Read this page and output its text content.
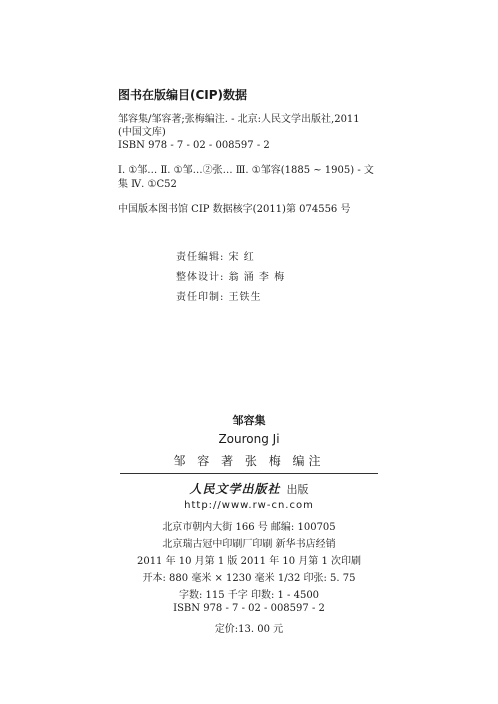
图书在版编目(CIP)数据
邹容集/邹容著;张梅编注. - 北京:人民文学出版社,2011
(中国文库)
ISBN 978 - 7 - 02 - 008597 - 2
Ⅰ. ①邹… Ⅱ. ①邹…②张… Ⅲ. ①邹容(1885 ~ 1905) - 文
集 Ⅳ. ①C52
中国版本图书馆 CIP 数据核字(2011)第 074556 号
责任编辑: 宋 红
整体设计: 翁 涌 李 梅
责任印制: 王铁生
邹容集
Zourong Ji
邹 容 著 张 梅 编注
人民文学出版社 出版
http://www.rw-cn.com
北京市朝内大街 166 号 邮编: 100705
北京瑞古冠中印刷厂印刷 新华书店经销
2011 年 10 月第 1 版 2011 年 10 月第 1 次印刷
开本: 880 毫米 × 1230 毫米 1/32 印张: 5. 75
字数: 115 千字 印数: 1 - 4500
ISBN 978 - 7 - 02 - 008597 - 2
定价:13. 00 元
